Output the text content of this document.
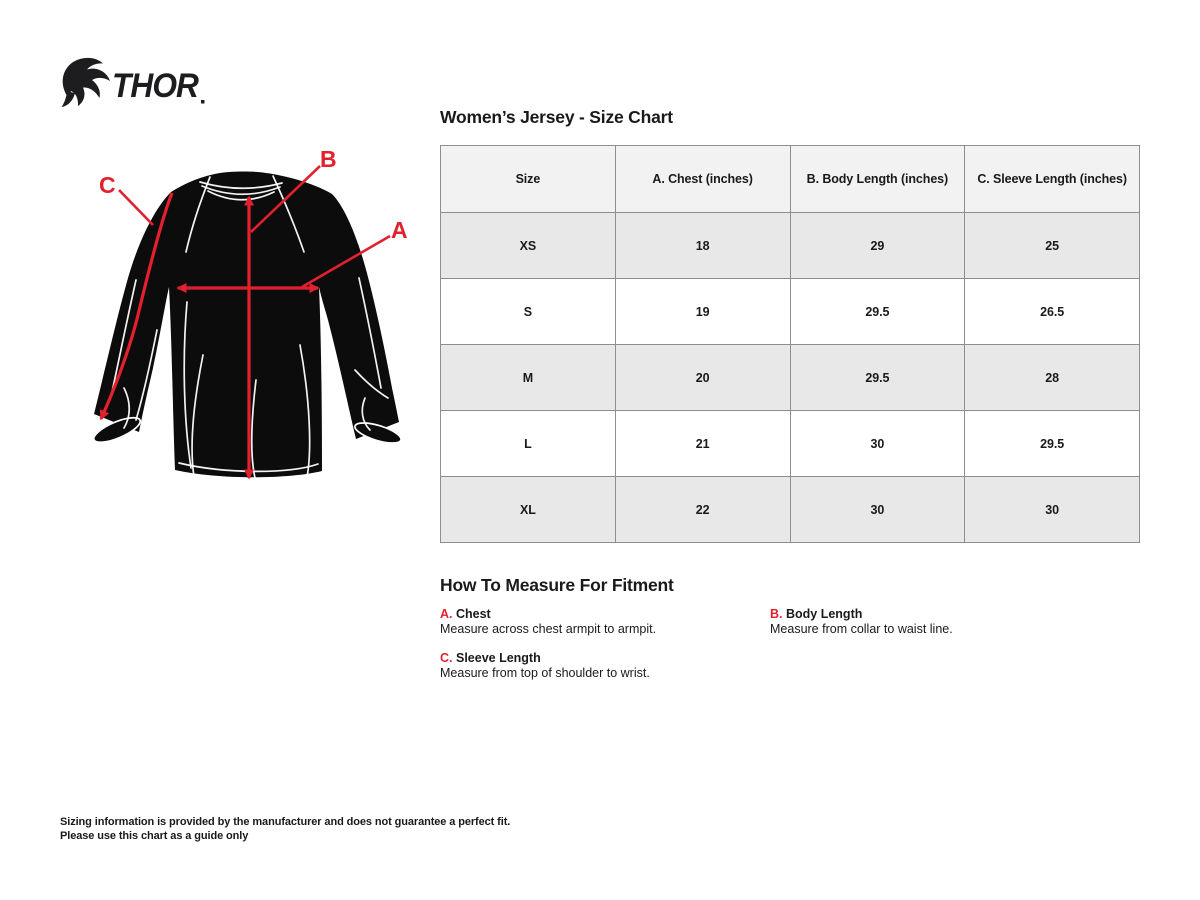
THOR
C
B
A
Women’s Jersey - Size Chart
Size	A. Chest (inches)	B. Body Length (inches)	C. Sleeve Length (inches)
XS	18	29	25
S	19	29.5	26.5
M	20	29.5	28
L	21	30	29.5
XL	22	30	30
How To Measure For Fitment
A. Chest
Measure across chest armpit to armpit.
B. Body Length
Measure from collar to waist line.
C. Sleeve Length
Measure from top of shoulder to wrist.
Sizing information is provided by the manufacturer and does not guarantee a perfect fit.
Please use this chart as a guide only
